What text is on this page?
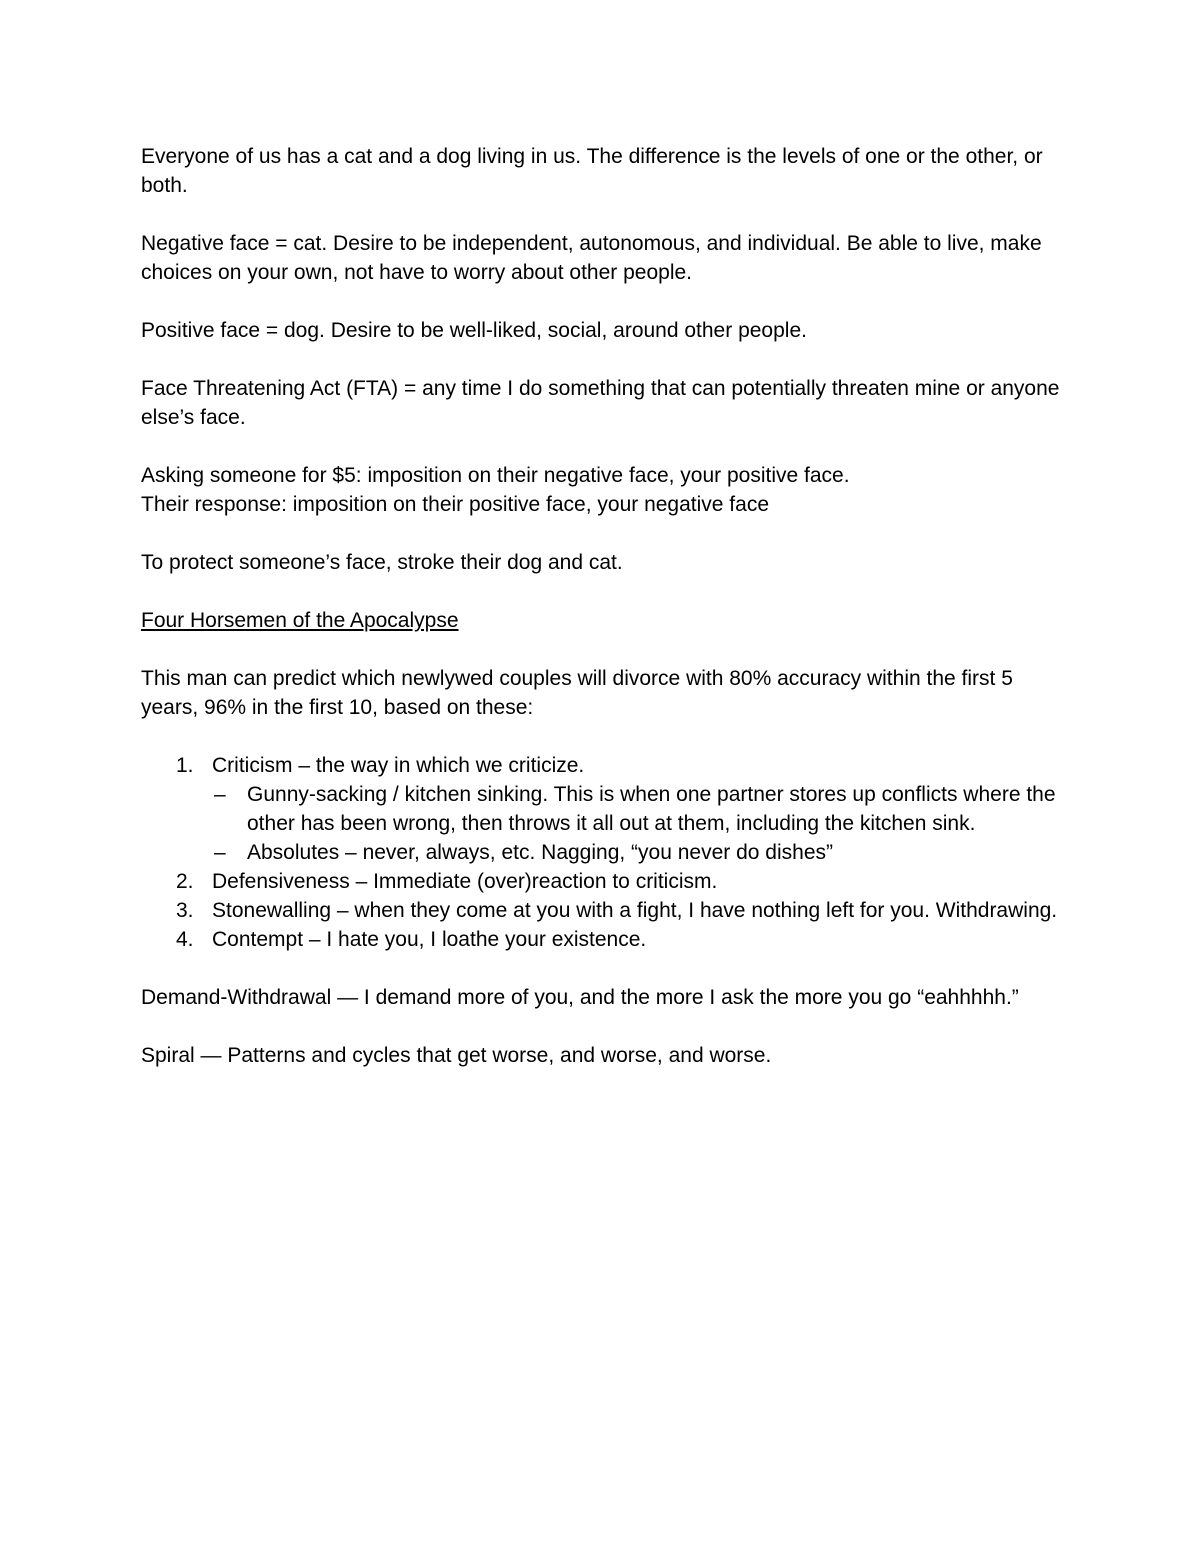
Everyone of us has a cat and a dog living in us. The difference is the levels of one or the other, or both.

Negative face = cat. Desire to be independent, autonomous, and individual. Be able to live, make choices on your own, not have to worry about other people.

Positive face = dog. Desire to be well-liked, social, around other people.

Face Threatening Act (FTA) = any time I do something that can potentially threaten mine or anyone else’s face.

Asking someone for $5: imposition on their negative face, your positive face.
Their response: imposition on their positive face, your negative face

To protect someone’s face, stroke their dog and cat.

Four Horsemen of the Apocalypse

This man can predict which newlywed couples will divorce with 80% accuracy within the first 5 years, 96% in the first 10, based on these:

1. Criticism – the way in which we criticize.
– Gunny-sacking / kitchen sinking. This is when one partner stores up conflicts where the other has been wrong, then throws it all out at them, including the kitchen sink.
– Absolutes – never, always, etc. Nagging, “you never do dishes”
2. Defensiveness – Immediate (over)reaction to criticism.
3. Stonewalling – when they come at you with a fight, I have nothing left for you. Withdrawing.
4. Contempt – I hate you, I loathe your existence.

Demand-Withdrawal — I demand more of you, and the more I ask the more you go “eahhhhh.”

Spiral — Patterns and cycles that get worse, and worse, and worse.
